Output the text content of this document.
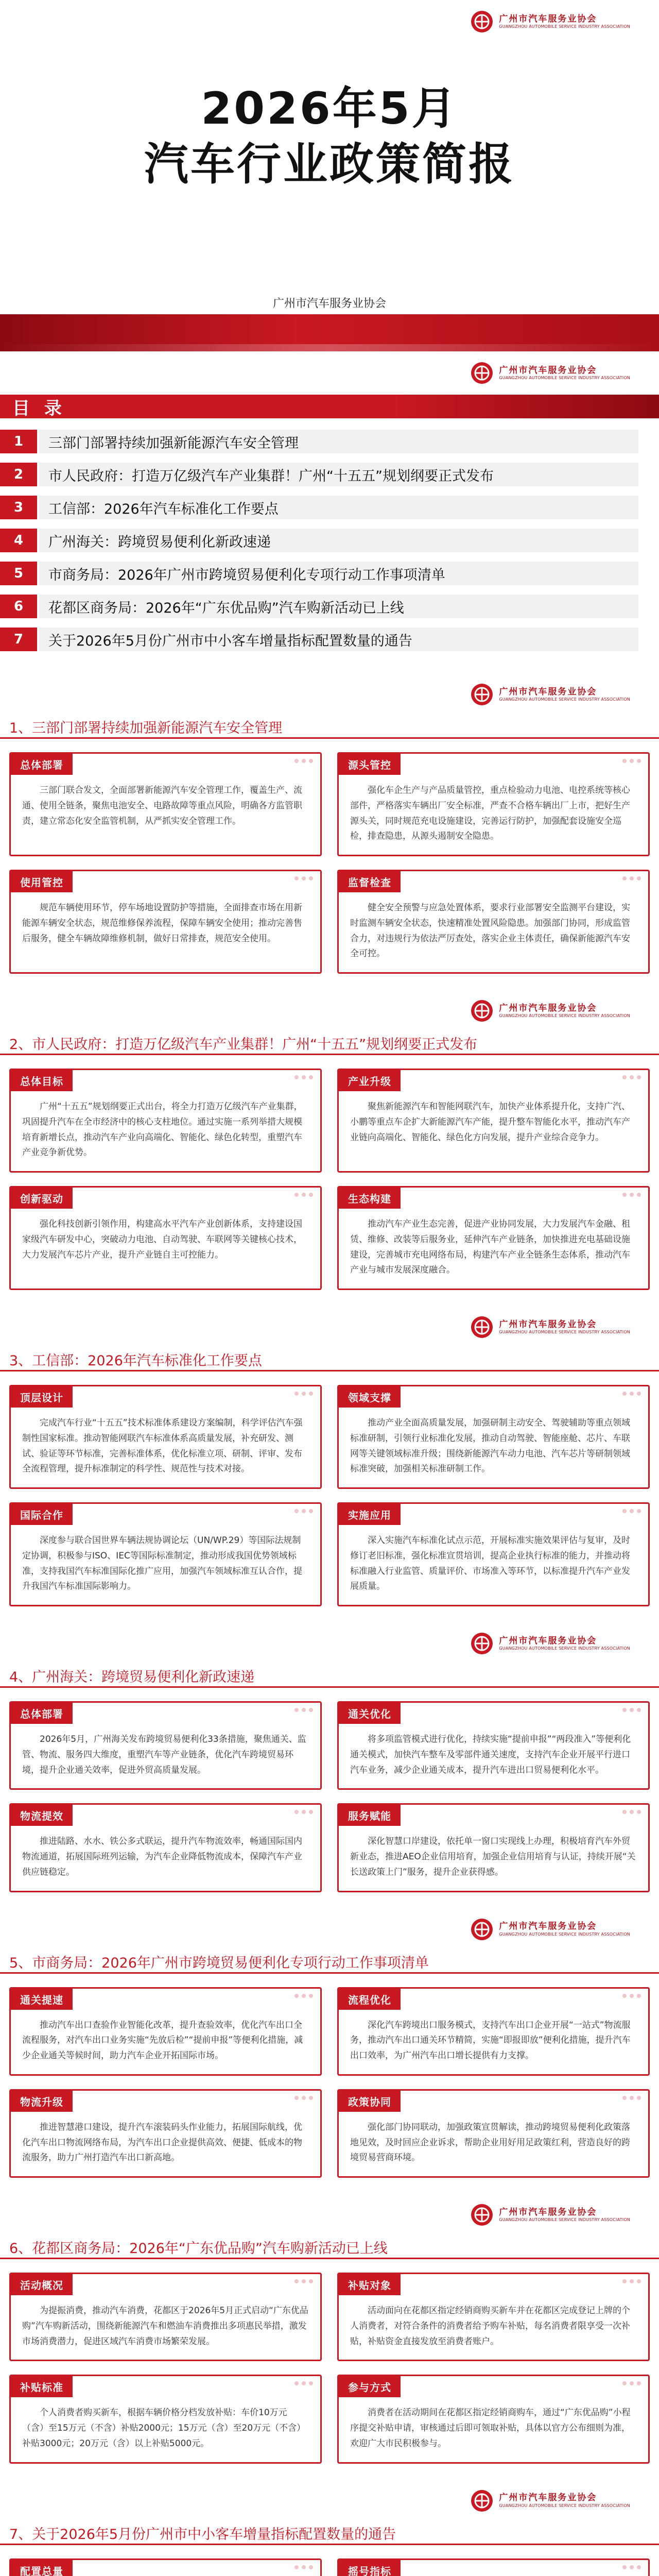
广州市汽车服务业协会
GUANGZHOU AUTOMOBILE SERVICE INDUSTRY ASSOCIATION
2026年5月
汽车行业政策简报
广州市汽车服务业协会
广州市汽车服务业协会
GUANGZHOU AUTOMOBILE SERVICE INDUSTRY ASSOCIATION
目 录
1	三部门部署持续加强新能源汽车安全管理
2	市人民政府：打造万亿级汽车产业集群！广州“十五五”规划纲要正式发布
3	工信部：2026年汽车标准化工作要点
4	广州海关：跨境贸易便利化新政速递
5	市商务局：2026年广州市跨境贸易便利化专项行动工作事项清单
6	花都区商务局：2026年“广东优品购”汽车购新活动已上线
7	关于2026年5月份广州市中小客车增量指标配置数量的通告
广州市汽车服务业协会
GUANGZHOU AUTOMOBILE SERVICE INDUSTRY ASSOCIATION
1、三部门部署持续加强新能源汽车安全管理
总体部署
三部门联合发文，全面部署新能源汽车安全管理工作，覆盖生产、流通、使用全链条，聚焦电池安全、电路故障等重点风险，明确各方监管职责，建立常态化安全监管机制，从严抓实安全管理工作。
源头管控
强化车企生产与产品质量管控，重点检验动力电池、电控系统等核心部件，严格落实车辆出厂安全标准，严查不合格车辆出厂上市，把好生产源头关，同时规范充电设施建设，完善运行防护，加强配套设施安全巡检，排查隐患，从源头遏制安全隐患。
使用管控
规范车辆使用环节，停车场地设置防护等措施，全面排查市场在用新能源车辆安全状态，规范维修保养流程，保障车辆安全使用；推动完善售后服务，健全车辆故障维修机制，做好日常排查，规范安全使用。
监督检查
健全安全预警与应急处置体系，要求行业部署安全监测平台建设，实时监测车辆安全状态，快速精准处置风险隐患。加强部门协同，形成监管合力，对违规行为依法严厉查处，落实企业主体责任，确保新能源汽车安全可控。
广州市汽车服务业协会
GUANGZHOU AUTOMOBILE SERVICE INDUSTRY ASSOCIATION
2、市人民政府：打造万亿级汽车产业集群！广州“十五五”规划纲要正式发布
总体目标
广州“十五五”规划纲要正式出台，将全力打造万亿级汽车产业集群，巩固提升汽车在全市经济中的核心支柱地位。通过实施一系列举措大规模培育新增长点，推动汽车产业向高端化、智能化、绿色化转型，重塑汽车产业竞争新优势。
产业升级
聚焦新能源汽车和智能网联汽车，加快产业体系提升化，支持广汽、小鹏等重点车企扩大新能源汽车产能，提升整车智能化水平，推动汽车产业链向高端化、智能化、绿色化方向发展，提升产业综合竞争力。
创新驱动
强化科技创新引领作用，构建高水平汽车产业创新体系，支持建设国家级汽车研发中心，突破动力电池、自动驾驶、车联网等关键核心技术，大力发展汽车芯片产业，提升产业链自主可控能力。
生态构建
推动汽车产业生态完善，促进产业协同发展，大力发展汽车金融、租赁、维修、改装等后服务业，延伸汽车产业链条，加快推进充电基础设施建设，完善城市充电网络布局，构建汽车产业全链条生态体系，推动汽车产业与城市发展深度融合。
广州市汽车服务业协会
GUANGZHOU AUTOMOBILE SERVICE INDUSTRY ASSOCIATION
3、工信部：2026年汽车标准化工作要点
顶层设计
完成汽车行业“十五五”技术标准体系建设方案编制，科学评估汽车强制性国家标准。推动智能网联汽车标准体系高质量发展，补充研发、测试、验证等环节标准，完善标准体系，优化标准立项、研制、评审、发布全流程管理，提升标准制定的科学性、规范性与技术对接。
领域支撑
推动产业全面高质量发展，加强研制主动安全、驾驶辅助等重点领域标准研制，引领行业标准化发展，推动自动驾驶、智能座舱、芯片、车联网等关键领域标准升级；围绕新能源汽车动力电池、汽车芯片等研制领域标准突破，加强相关标准研制工作。
国际合作
深度参与联合国世界车辆法规协调论坛（UN/WP.29）等国际法规制定协调，积极参与ISO、IEC等国际标准制定，推动形成我国优势领域标准，支持我国汽车标准国际化推广应用，加强汽车领域标准互认合作，提升我国汽车标准国际影响力。
实施应用
深入实施汽车标准化试点示范，开展标准实施效果评估与复审，及时修订老旧标准，强化标准宣贯培训，提高企业执行标准的能力，并推动将标准融入行业监管、质量评价、市场准入等环节，以标准提升汽车产业发展质量。
广州市汽车服务业协会
GUANGZHOU AUTOMOBILE SERVICE INDUSTRY ASSOCIATION
4、广州海关：跨境贸易便利化新政速递
总体部署
2026年5月，广州海关发布跨境贸易便利化33条措施，聚焦通关、监管、物流、服务四大维度，重塑汽车等产业链条，优化汽车跨境贸易环境，提升企业通关效率，促进外贸高质量发展。
通关优化
将多项监管模式进行优化，持续实施“提前申报”“两段准入”等便利化通关模式，加快汽车整车及零部件通关速度，支持汽车企业开展平行进口汽车业务，减少企业通关成本，提升汽车进出口贸易便利化水平。
物流提效
推进陆路、水水、铁公多式联运，提升汽车物流效率，畅通国际国内物流通道，拓展国际班列运输，为汽车企业降低物流成本，保障汽车产业供应链稳定。
服务赋能
深化智慧口岸建设，依托单一窗口实现线上办理，积极培育汽车外贸新业态，推进AEO企业信用培育，加强企业信用培育与认证，持续开展“关长送政策上门”服务，提升企业获得感。
广州市汽车服务业协会
GUANGZHOU AUTOMOBILE SERVICE INDUSTRY ASSOCIATION
5、市商务局：2026年广州市跨境贸易便利化专项行动工作事项清单
通关提速
推动汽车出口查验作业智能化改革，提升查验效率，优化汽车出口全流程服务，对汽车出口业务实施“先放后检”“提前申报”等便利化措施，减少企业通关等候时间，助力汽车企业开拓国际市场。
流程优化
深化汽车跨境出口服务模式，支持汽车出口企业开展“一站式”物流服务，推动汽车出口通关环节精简，实施“即报即放”便利化措施，提升汽车出口效率，为广州汽车出口增长提供有力支撑。
物流升级
推进智慧港口建设，提升汽车滚装码头作业能力，拓展国际航线，优化汽车出口物流网络布局，为汽车出口企业提供高效、便捷、低成本的物流服务，助力广州打造汽车出口新高地。
政策协同
强化部门协同联动，加强政策宣贯解读，推动跨境贸易便利化政策落地见效，及时回应企业诉求，帮助企业用好用足政策红利，营造良好的跨境贸易营商环境。
广州市汽车服务业协会
GUANGZHOU AUTOMOBILE SERVICE INDUSTRY ASSOCIATION
6、花都区商务局：2026年“广东优品购”汽车购新活动已上线
活动概况
为提振消费，推动汽车消费，花都区于2026年5月正式启动“广东优品购”汽车购新活动，围绕新能源汽车和燃油车消费推出多项惠民举措，激发市场消费潜力，促进区域汽车消费市场繁荣发展。
补贴对象
活动面向在花都区指定经销商购买新车并在花都区完成登记上牌的个人消费者，对符合条件的消费者给予购车补贴，每名消费者限享受一次补贴，补贴资金直接发放至消费者账户。
补贴标准
个人消费者购买新车，根据车辆价格分档发放补贴：车价10万元（含）至15万元（不含）补贴2000元；15万元（含）至20万元（不含）补贴3000元；20万元（含）以上补贴5000元。
参与方式
消费者在活动期间在花都区指定经销商购车，通过“广东优品购”小程序提交补贴申请，审核通过后即可领取补贴，具体以官方公布细则为准，欢迎广大市民积极参与。
广州市汽车服务业协会
GUANGZHOU AUTOMOBILE SERVICE INDUSTRY ASSOCIATION
7、关于2026年5月份广州市中小客车增量指标配置数量的通告
配置总量	摇号指标
